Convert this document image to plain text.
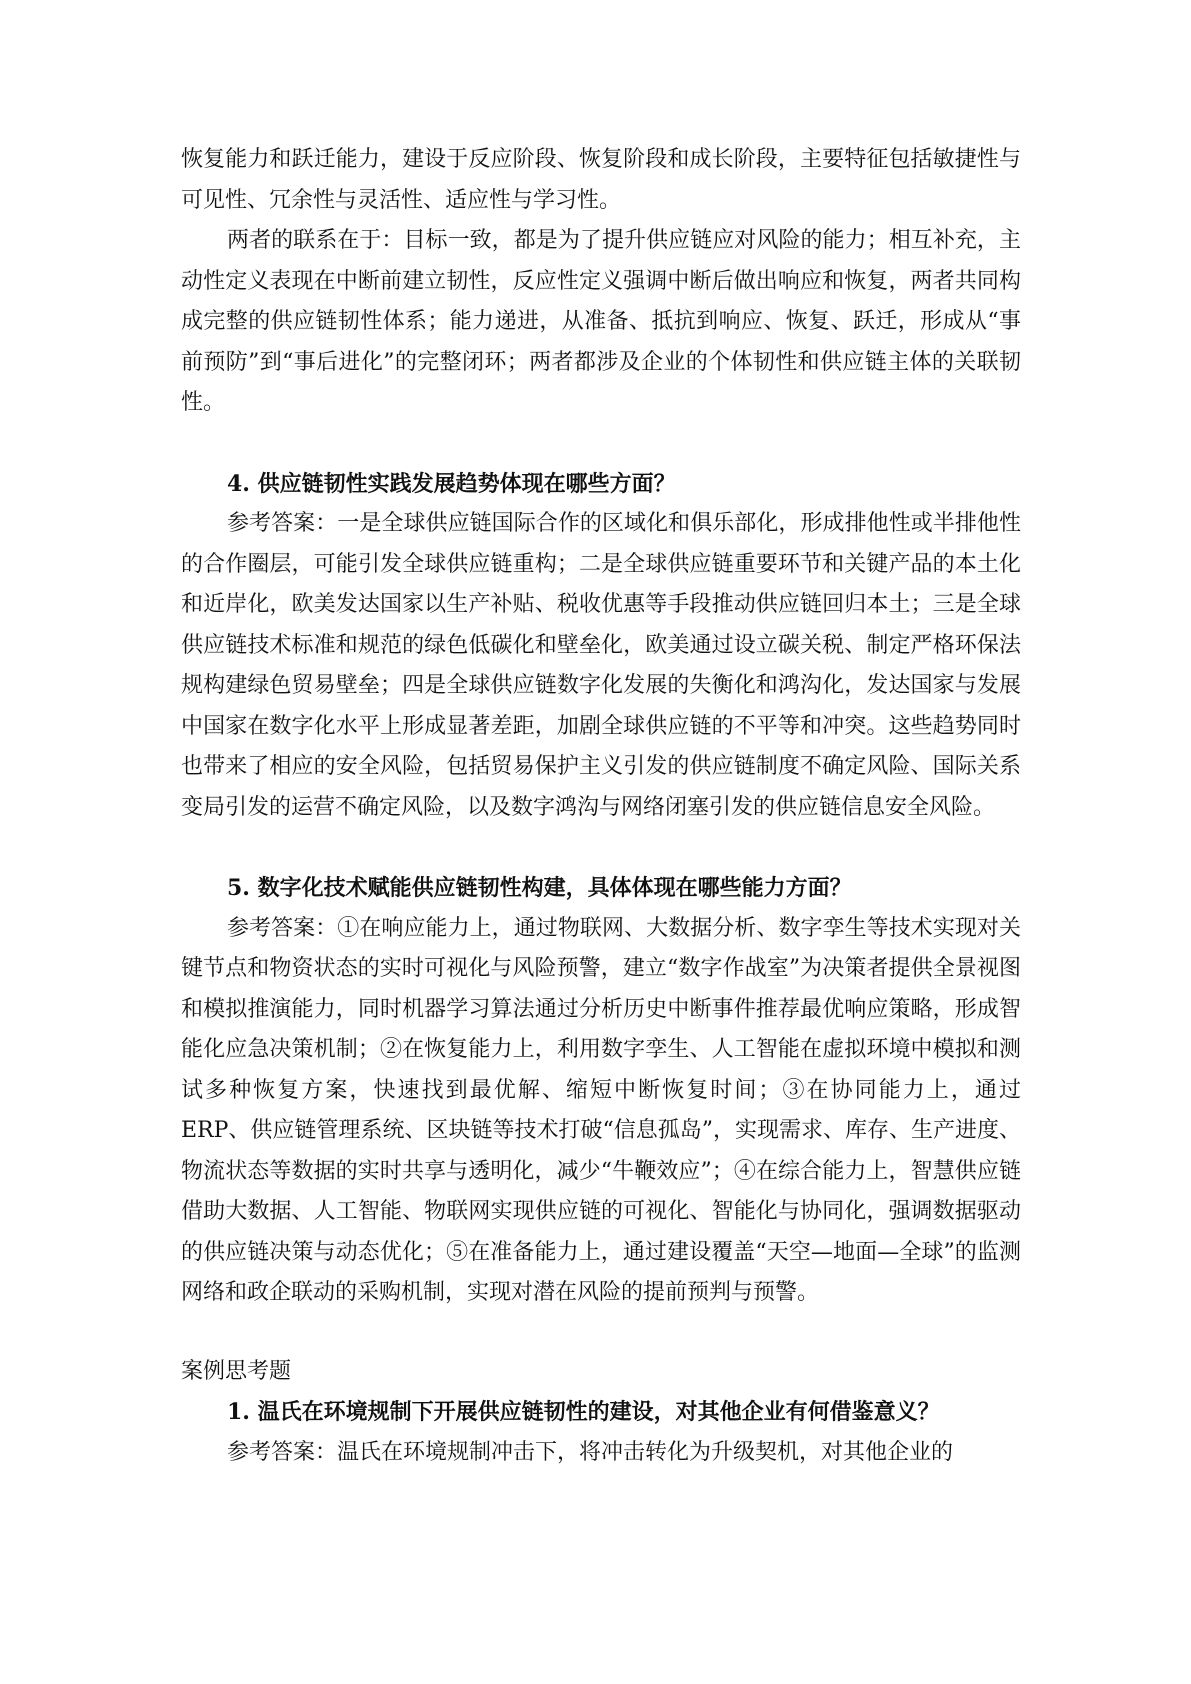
恢复能力和跃迁能力，建设于反应阶段、恢复阶段和成长阶段，主要特征包括敏捷性与可见性、冗余性与灵活性、适应性与学习性。

两者的联系在于：目标一致，都是为了提升供应链应对风险的能力；相互补充，主动性定义表现在中断前建立韧性，反应性定义强调中断后做出响应和恢复，两者共同构成完整的供应链韧性体系；能力递进，从准备、抵抗到响应、恢复、跃迁，形成从“事前预防”到“事后进化”的完整闭环；两者都涉及企业的个体韧性和供应链主体的关联韧性。

4. 供应链韧性实践发展趋势体现在哪些方面？

参考答案：一是全球供应链国际合作的区域化和俱乐部化，形成排他性或半排他性的合作圈层，可能引发全球供应链重构；二是全球供应链重要环节和关键产品的本土化和近岸化，欧美发达国家以生产补贴、税收优惠等手段推动供应链回归本土；三是全球供应链技术标准和规范的绿色低碳化和壁垒化，欧美通过设立碳关税、制定严格环保法规构建绿色贸易壁垒；四是全球供应链数字化发展的失衡化和鸿沟化，发达国家与发展中国家在数字化水平上形成显著差距，加剧全球供应链的不平等和冲突。这些趋势同时也带来了相应的安全风险，包括贸易保护主义引发的供应链制度不确定风险、国际关系变局引发的运营不确定风险，以及数字鸿沟与网络闭塞引发的供应链信息安全风险。

5. 数字化技术赋能供应链韧性构建，具体体现在哪些能力方面？

参考答案：①在响应能力上，通过物联网、大数据分析、数字孪生等技术实现对关键节点和物资状态的实时可视化与风险预警，建立“数字作战室”为决策者提供全景视图和模拟推演能力，同时机器学习算法通过分析历史中断事件推荐最优响应策略，形成智能化应急决策机制；②在恢复能力上，利用数字孪生、人工智能在虚拟环境中模拟和测试多种恢复方案，快速找到最优解、缩短中断恢复时间；③在协同能力上，通过 ERP、供应链管理系统、区块链等技术打破“信息孤岛”，实现需求、库存、生产进度、物流状态等数据的实时共享与透明化，减少“牛鞭效应”；④在综合能力上，智慧供应链借助大数据、人工智能、物联网实现供应链的可视化、智能化与协同化，强调数据驱动的供应链决策与动态优化；⑤在准备能力上，通过建设覆盖“天空—地面—全球”的监测网络和政企联动的采购机制，实现对潜在风险的提前预判与预警。

案例思考题

1. 温氏在环境规制下开展供应链韧性的建设，对其他企业有何借鉴意义？

参考答案：温氏在环境规制冲击下，将冲击转化为升级契机，对其他企业的
